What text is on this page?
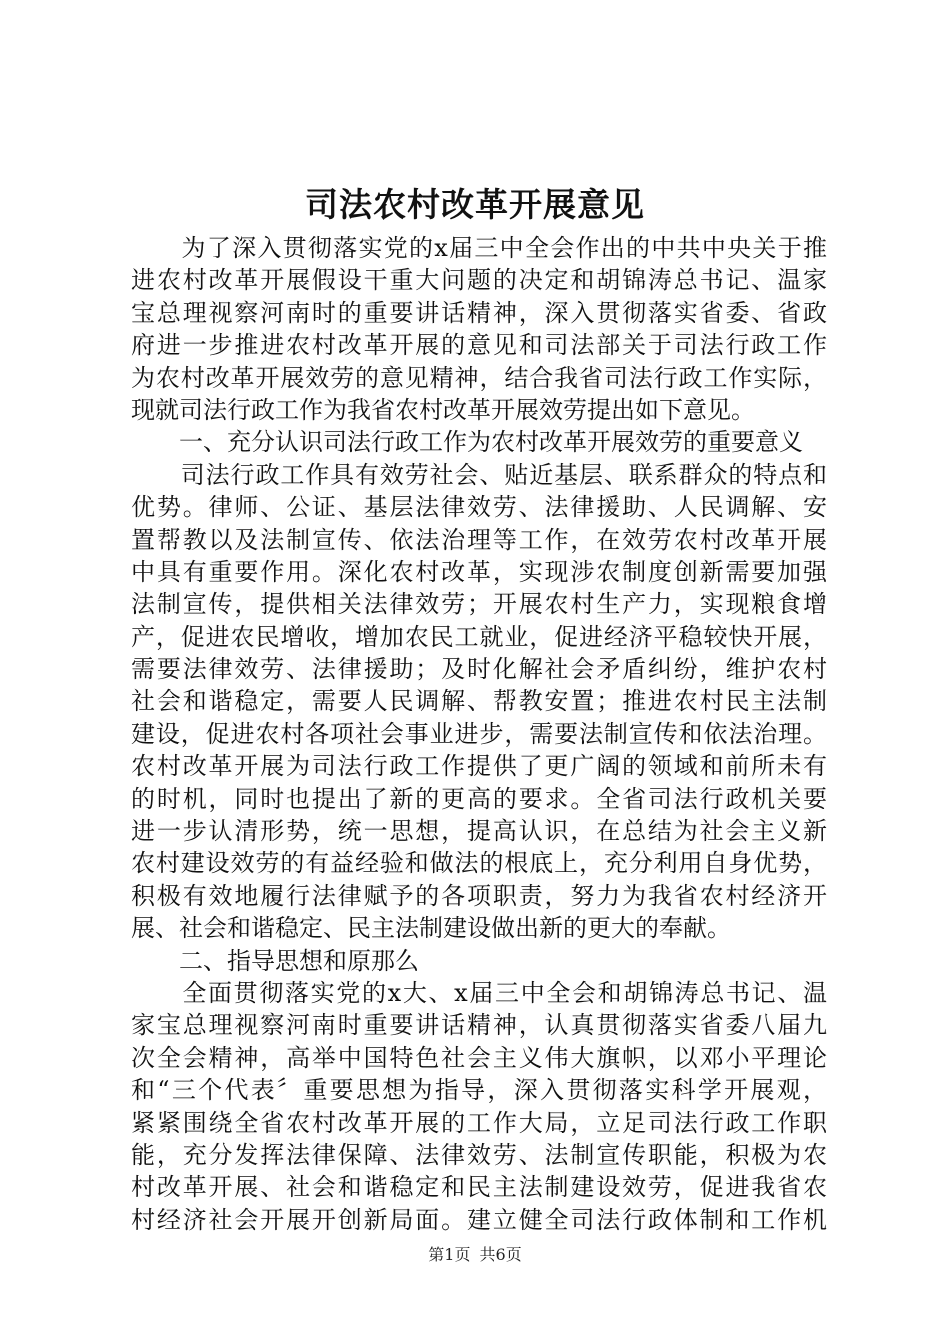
司法农村改革开展意见
　　为了深入贯彻落实党的x届三中全会作出的中共中央关于推
进农村改革开展假设干重大问题的决定和胡锦涛总书记、温家
宝总理视察河南时的重要讲话精神，深入贯彻落实省委、省政
府进一步推进农村改革开展的意见和司法部关于司法行政工作
为农村改革开展效劳的意见精神，结合我省司法行政工作实际，
现就司法行政工作为我省农村改革开展效劳提出如下意见。
　　一、充分认识司法行政工作为农村改革开展效劳的重要意义
　　司法行政工作具有效劳社会、贴近基层、联系群众的特点和
优势。律师、公证、基层法律效劳、法律援助、人民调解、安
置帮教以及法制宣传、依法治理等工作，在效劳农村改革开展
中具有重要作用。深化农村改革，实现涉农制度创新需要加强
法制宣传，提供相关法律效劳；开展农村生产力，实现粮食增
产，促进农民增收，增加农民工就业，促进经济平稳较快开展，
需要法律效劳、法律援助；及时化解社会矛盾纠纷，维护农村
社会和谐稳定，需要人民调解、帮教安置；推进农村民主法制
建设，促进农村各项社会事业进步，需要法制宣传和依法治理。
农村改革开展为司法行政工作提供了更广阔的领域和前所未有
的时机，同时也提出了新的更高的要求。全省司法行政机关要
进一步认清形势，统一思想，提高认识，在总结为社会主义新
农村建设效劳的有益经验和做法的根底上，充分利用自身优势，
积极有效地履行法律赋予的各项职责，努力为我省农村经济开
展、社会和谐稳定、民主法制建设做出新的更大的奉献。
　　二、指导思想和原那么
　　全面贯彻落实党的x大、x届三中全会和胡锦涛总书记、温
家宝总理视察河南时重要讲话精神，认真贯彻落实省委八届九
次全会精神，高举中国特色社会主义伟大旗帜，以邓小平理论
和“三个代表〞重要思想为指导，深入贯彻落实科学开展观，
紧紧围绕全省农村改革开展的工作大局，立足司法行政工作职
能，充分发挥法律保障、法律效劳、法制宣传职能，积极为农
村改革开展、社会和谐稳定和民主法制建设效劳，促进我省农
村经济社会开展开创新局面。建立健全司法行政体制和工作机
第1页 共6页
